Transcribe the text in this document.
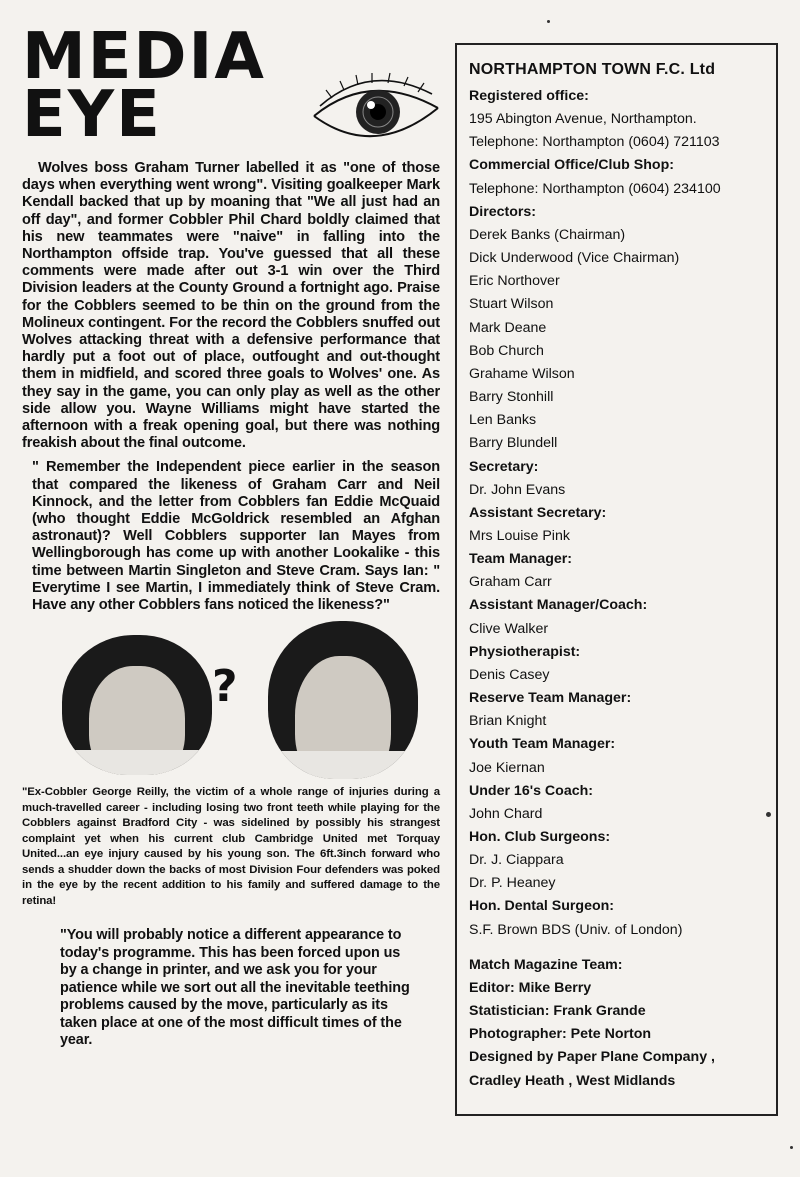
MEDIA
EYE

Wolves boss Graham Turner labelled it as "one of those days when everything went wrong". Visiting goalkeeper Mark Kendall backed that up by moaning that "We all just had an off day", and former Cobbler Phil Chard boldly claimed that his new teammates were "naive" in falling into the Northampton offside trap. You've guessed that all these comments were made after out 3-1 win over the Third Division leaders at the County Ground a fortnight ago. Praise for the Cobblers seemed to be thin on the ground from the Molineux contingent. For the record the Cobblers snuffed out Wolves attacking threat with a defensive performance that hardly put a foot out of place, outfought and out-thought them in midfield, and scored three goals to Wolves' one. As they say in the game, you can only play as well as the other side allow you. Wayne Williams might have started the afternoon with a freak opening goal, but there was nothing freakish about the final outcome.

" Remember the Independent piece earlier in the season that compared the likeness of Graham Carr and Neil Kinnock, and the letter from Cobblers fan Eddie McQuaid (who thought Eddie McGoldrick resembled an Afghan astronaut)? Well Cobblers supporter Ian Mayes from Wellingborough has come up with another Lookalike - this time between Martin Singleton and Steve Cram. Says Ian: " Everytime I see Martin, I immediately think of Steve Cram. Have any other Cobblers fans noticed the likeness?"

?

"Ex-Cobbler George Reilly, the victim of a whole range of injuries during a much-travelled career - including losing two front teeth while playing for the Cobblers against Bradford City - was sidelined by possibly his strangest complaint yet when his current club Cambridge United met Torquay United...an eye injury caused by his young son. The 6ft.3inch forward who sends a shudder down the backs of most Division Four defenders was poked in the eye by the recent addition to his family and suffered damage to the retina!

"You will probably notice a different appearance to today's programme. This has been forced upon us by a change in printer, and we ask you for your patience while we sort out all the inevitable teething problems caused by the move, particularly as its taken place at one of the most difficult times of the year.

NORTHAMPTON TOWN F.C. Ltd
Registered office:
195 Abington Avenue, Northampton.
Telephone: Northampton (0604) 721103
Commercial Office/Club Shop:
Telephone: Northampton (0604) 234100
Directors:
Derek Banks (Chairman)
Dick Underwood (Vice Chairman)
Eric Northover
Stuart Wilson
Mark Deane
Bob Church
Grahame Wilson
Barry Stonhill
Len Banks
Barry Blundell
Secretary:
Dr. John Evans
Assistant Secretary:
Mrs Louise Pink
Team Manager:
Graham Carr
Assistant Manager/Coach:
Clive Walker
Physiotherapist:
Denis Casey
Reserve Team Manager:
Brian Knight
Youth Team Manager:
Joe Kiernan
Under 16's Coach:
John Chard
Hon. Club Surgeons:
Dr. J. Ciappara
Dr. P. Heaney
Hon. Dental Surgeon:
S.F. Brown BDS (Univ. of London)
Match Magazine Team:
Editor: Mike Berry
Statistician: Frank Grande
Photographer: Pete Norton
Designed by Paper Plane Company ,
Cradley Heath , West Midlands
